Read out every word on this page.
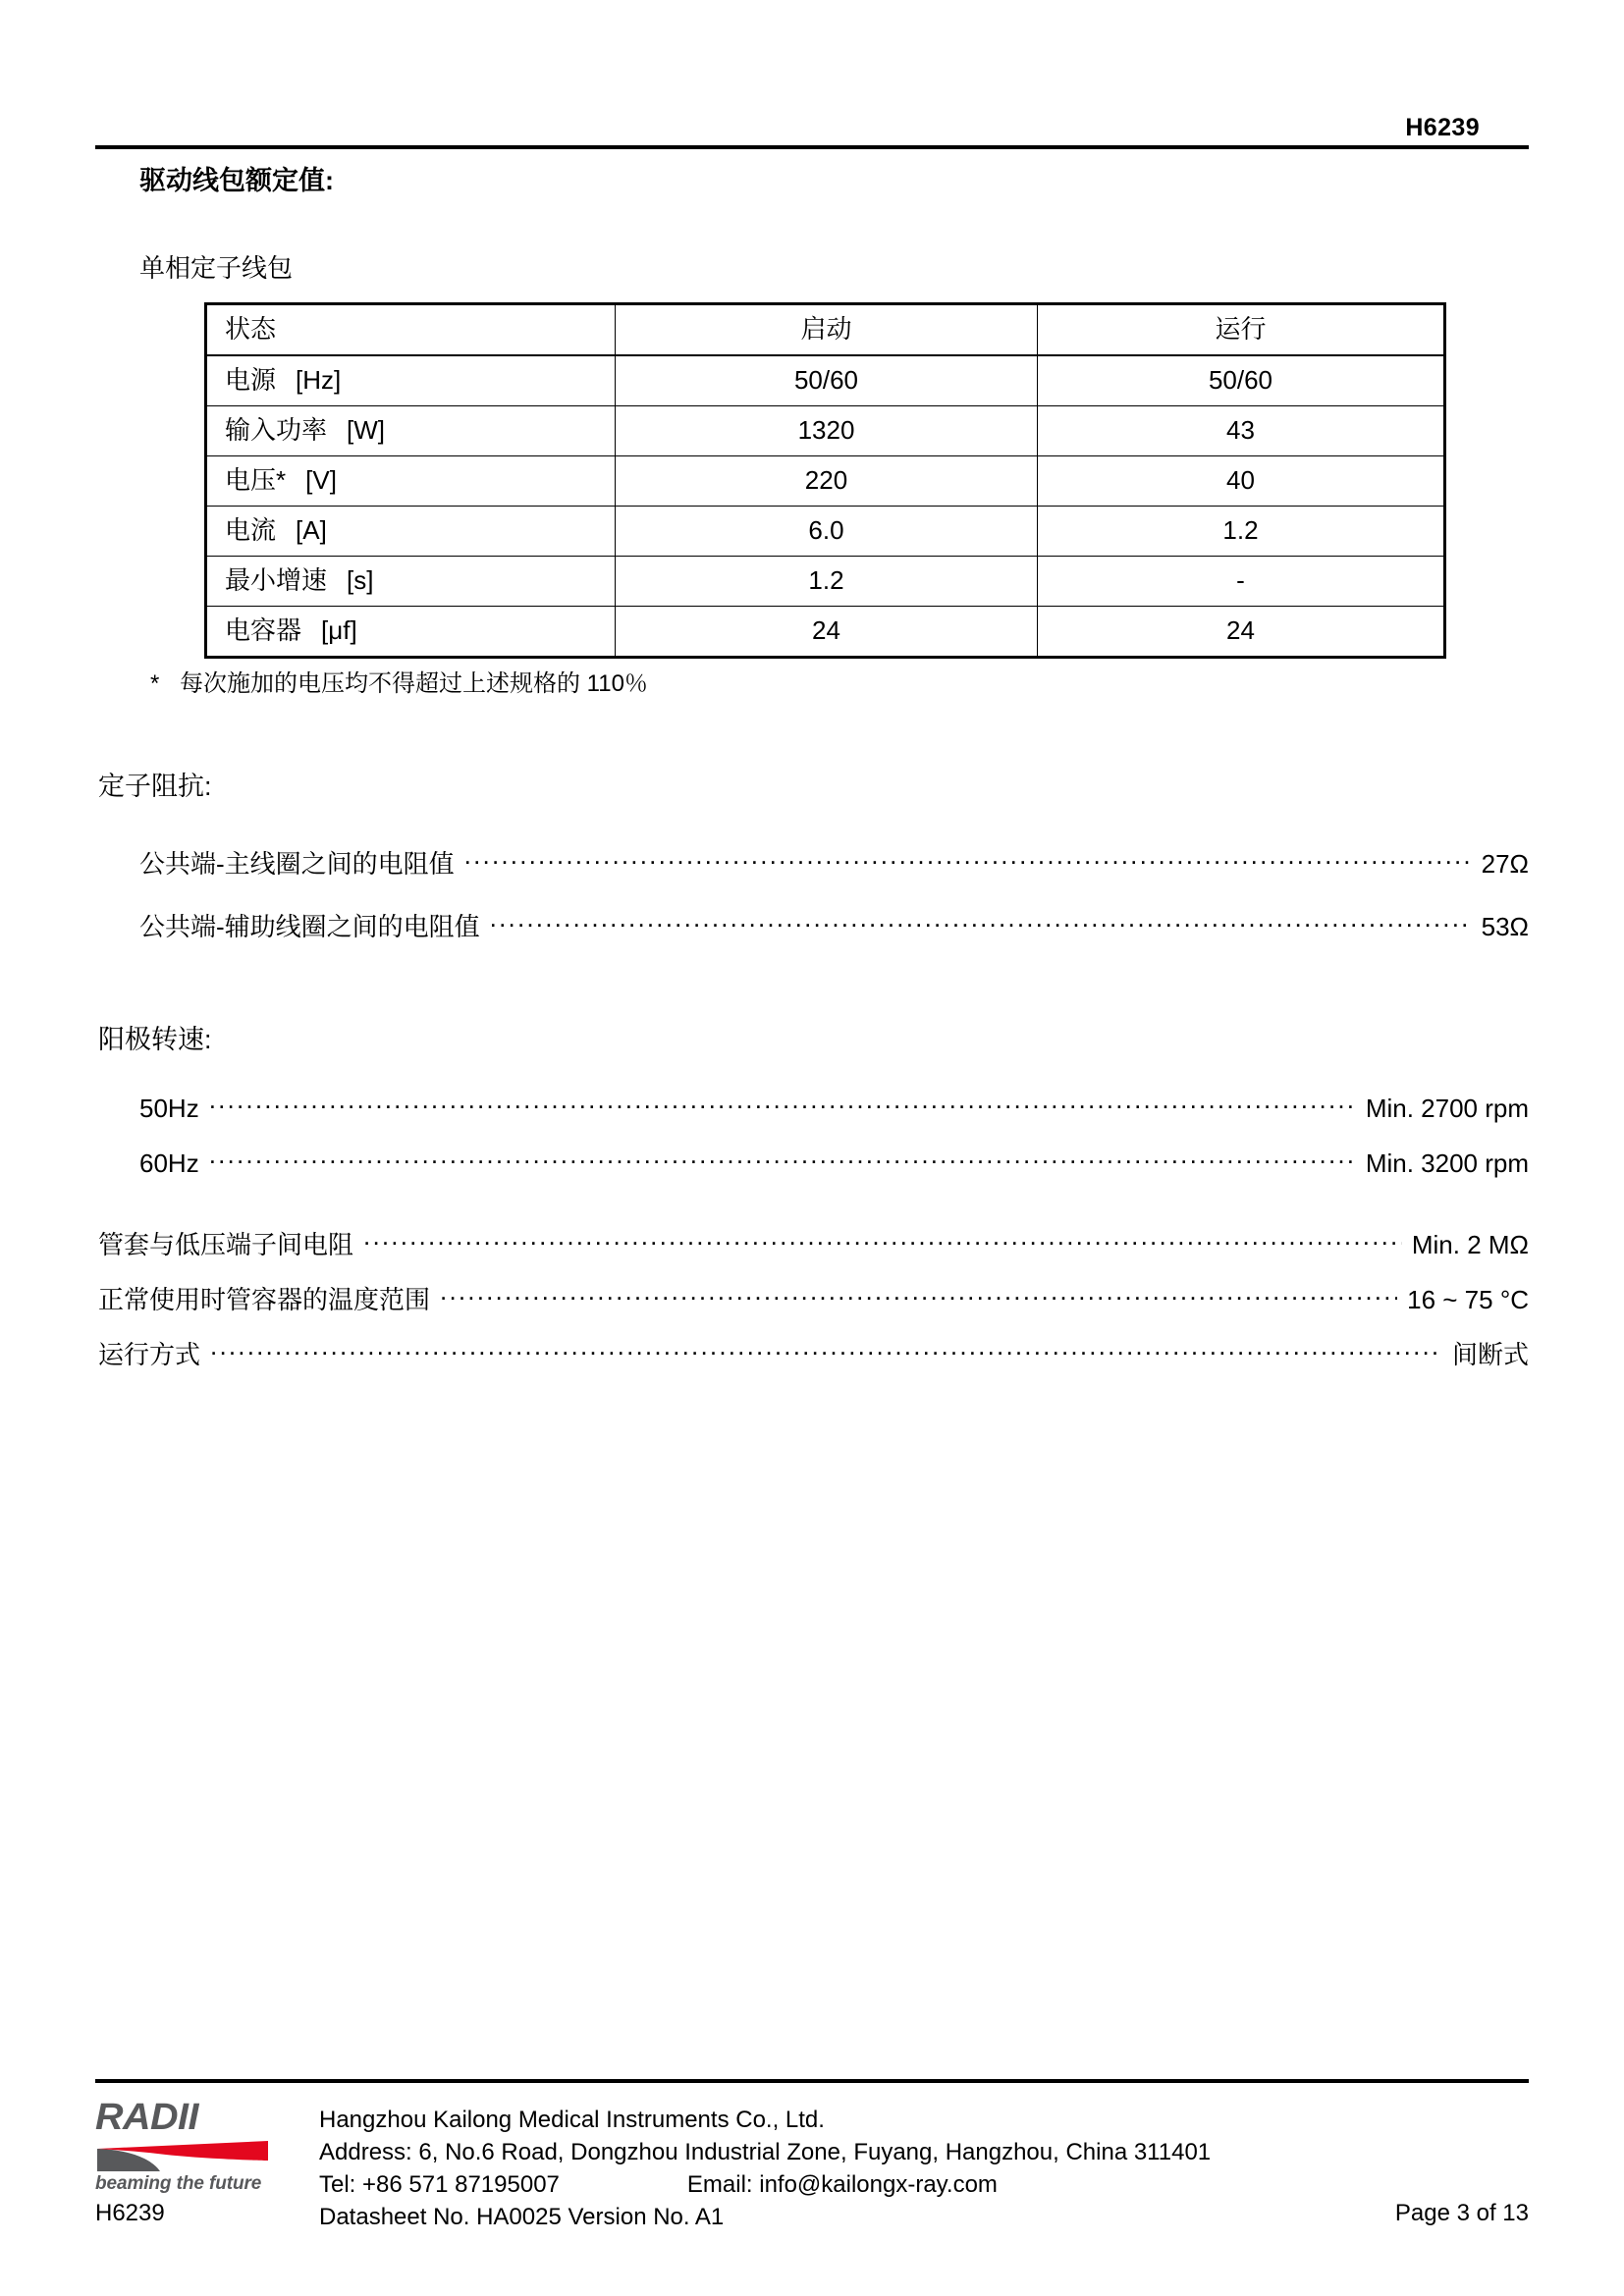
H6239
驱动线包额定值:
单相定子线包
状态	启动	运行
电源 [Hz]	50/60	50/60
输入功率 [W]	1320	43
电压* [V]	220	40
电流 [A]	6.0	1.2
最小增速 [s]	1.2	-
电容器 [μf]	24	24
* 每次施加的电压均不得超过上述规格的 110％
定子阻抗:
公共端-主线圈之间的电阻值 .....	27Ω
公共端-辅助线圈之间的电阻值 .....	53Ω
阳极转速:
50Hz .....	Min. 2700 rpm
60Hz .....	Min. 3200 rpm
管套与低压端子间电阻 .....	Min. 2 MΩ
正常使用时管容器的温度范围 .....	16 ~ 75 °C
运行方式 .....	间断式
RADII
beaming the future
H6239
Hangzhou Kailong Medical Instruments Co., Ltd.
Address: 6, No.6 Road, Dongzhou Industrial Zone, Fuyang, Hangzhou, China 311401
Tel: +86 571 87195007	Email: info@kailongx-ray.com
Datasheet No. HA0025 Version No. A1	Page 3 of 13
